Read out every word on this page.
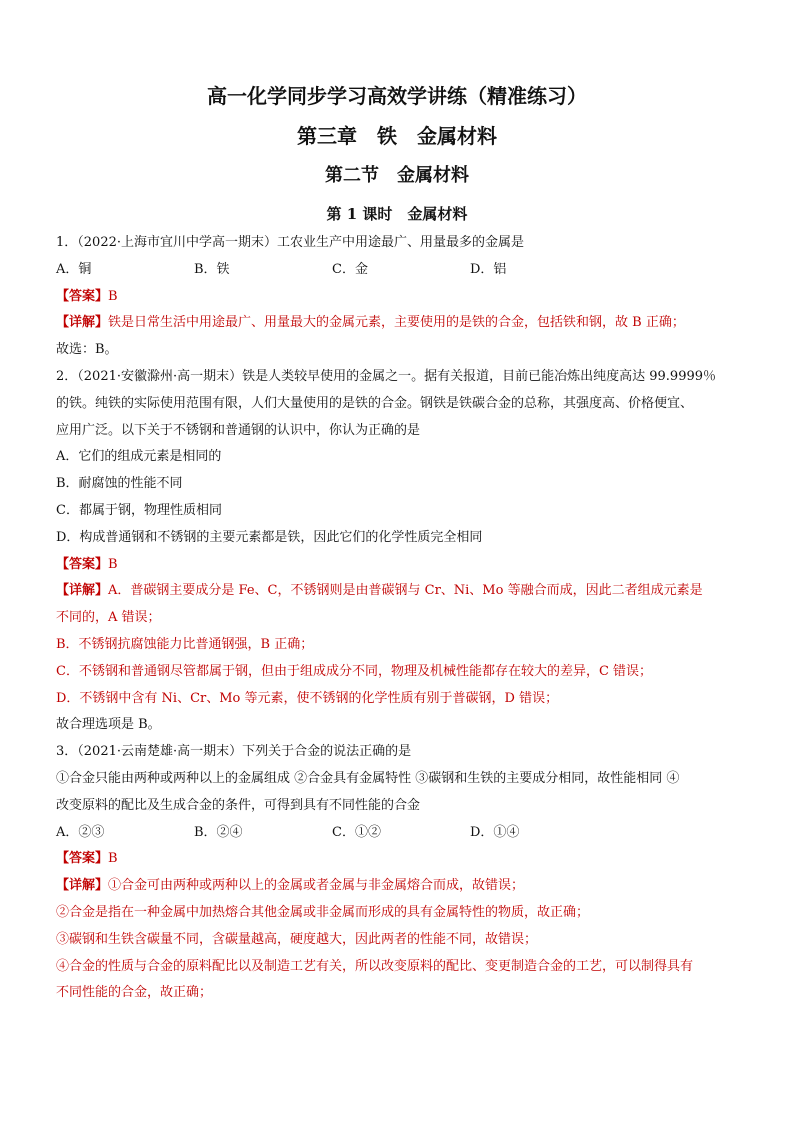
高一化学同步学习高效学讲练（精准练习）
第三章　铁　金属材料
第二节　金属材料
第 1 课时　金属材料
1．（2022·上海市宜川中学高一期末）工农业生产中用途最广、用量最多的金属是
A．铜	B．铁	C．金	D．铝
【答案】B
【详解】铁是日常生活中用途最广、用量最大的金属元素，主要使用的是铁的合金，包括铁和钢，故 B 正确；
故选：B。
2．（2021·安徽滁州·高一期末）铁是人类较早使用的金属之一。据有关报道，目前已能冶炼出纯度高达 99.9999％
的铁。纯铁的实际使用范围有限，人们大量使用的是铁的合金。钢铁是铁碳合金的总称，其强度高、价格便宜、
应用广泛。以下关于不锈钢和普通钢的认识中，你认为正确的是
A．它们的组成元素是相同的
B．耐腐蚀的性能不同
C．都属于钢，物理性质相同
D．构成普通钢和不锈钢的主要元素都是铁，因此它们的化学性质完全相同
【答案】B
【详解】A．普碳钢主要成分是 Fe、C，不锈钢则是由普碳钢与 Cr、Ni、Mo 等融合而成，因此二者组成元素是
不同的，A 错误；
B．不锈钢抗腐蚀能力比普通钢强，B 正确；
C．不锈钢和普通钢尽管都属于钢，但由于组成成分不同，物理及机械性能都存在较大的差异，C 错误；
D．不锈钢中含有 Ni、Cr、Mo 等元素，使不锈钢的化学性质有别于普碳钢，D 错误；
故合理选项是 B。
3．（2021·云南楚雄·高一期末）下列关于合金的说法正确的是
①合金只能由两种或两种以上的金属组成 ②合金具有金属特性 ③碳钢和生铁的主要成分相同，故性能相同 ④
改变原料的配比及生成合金的条件，可得到具有不同性能的合金
A．②③	B．②④	C．①②	D．①④
【答案】B
【详解】①合金可由两种或两种以上的金属或者金属与非金属熔合而成，故错误；
②合金是指在一种金属中加热熔合其他金属或非金属而形成的具有金属特性的物质，故正确；
③碳钢和生铁含碳量不同，含碳量越高，硬度越大，因此两者的性能不同，故错误；
④合金的性质与合金的原料配比以及制造工艺有关，所以改变原料的配比、变更制造合金的工艺，可以制得具有
不同性能的合金，故正确；
